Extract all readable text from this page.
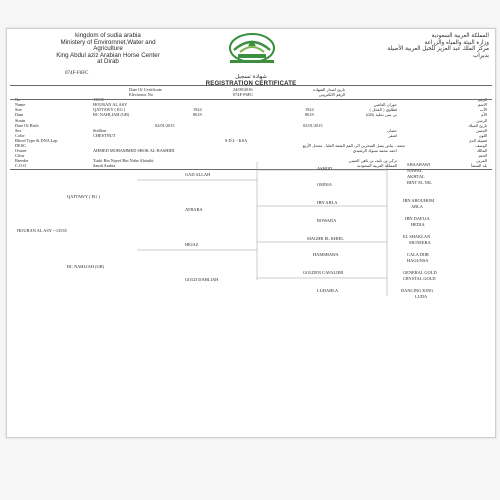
kingdom of sudia arabia
Ministery of Envirornnet,Water and
Agriculture
King Abdul aziz Arabian Horse Center
at Dirab
المملكة العربية السعودية
وزارة البيئة والمياه والزراعة
مركز الملك عبد العزيز للخيل العربية الأصيلة
بديراب
074F-F6FC
شهادة تسجيل
REGISTRATION CERTIFICATE
Date Of Certificate	24/09/2016	تاريخ اصدار الشهادة
Electronic No	074F-F6FC	الرقم الالكتروني
No	13535	الرقم
Name	HOURAN AL ASY	حوران العاصي	الاسم
Sire	QATTAWY ( EG )	1924	1924	قطاوي ( الفحل )	الأب
Dam	BC NAHLIAH (GB)	8618	8618	بي سي نحلية (GB)	الأم
Strain	الرسن
Date Of Birth	02/01/2015	02/01/2015	تاريخ الميلاد
Sex	Stallion	حصان	الجنس
Color	CHESTNUT	اشقر	اللون
Blood Type & DNA Lap	S.D.L - KSA	فصيلة الدم
DESC	نجمة ، بياض يصل المنخرين الى الفم الشفة العليا ، محجل الأربع	الوصف
Owner	AHMED MOHAMMED SBOK AL-RASHIDI	احمد محمد سبوك الرشيدي	المالك
Clear	الختم
Breeder	Turki Bin Nayef Bin Nahe Alotaibi	تركي بن نايف بن ناهي العتيبي	المربي
C.O.O	Saudi Arabia	المملكة العربية السعودية	بلد المنشأ
HOURAN AL ASY --13535
QATTAWY ( EG )
BC NAHLIAH (GB)
GAD ALLAH
ATBARA
HEJAZ
GOLD DAHLIAH
ASHOD
OMNIA
IBN ABLA
BOWADA
MAGHR EL KHIEL
HAMSHAWA
GOLDEN CAVALIER
LUDAHLA
SHAARAWI
NAWAL
AKHTAL
BINT EL NIL
IBN ABOUHOM
ABLA
IBN DAFLIA
HEDIA
EL SHAKLAN
MUNEERA
CALA DIIR
HAGUNSA
GENERAL GOLD
CRYSTAL GOLD
DANCING KING
LUDA
